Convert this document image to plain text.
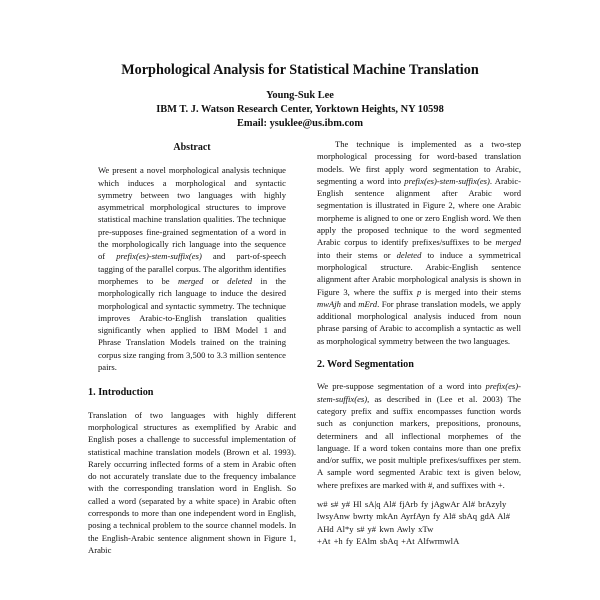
Morphological Analysis for Statistical Machine Translation
Young-Suk Lee
IBM T. J. Watson Research Center, Yorktown Heights, NY 10598
Email: ysuklee@us.ibm.com
Abstract

We present a novel morphological analysis technique which induces a morphological and syntactic symmetry between two languages with highly asymmetrical morphological structures to improve statistical machine translation qualities. The technique pre-supposes fine-grained segmentation of a word in the morphologically rich language into the sequence of prefix(es)-stem-suffix(es) and part-of-speech tagging of the parallel corpus. The algorithm identifies morphemes to be merged or deleted in the morphologically rich language to induce the desired morphological and syntactic symmetry. The technique improves Arabic-to-English translation qualities significantly when applied to IBM Model 1 and Phrase Translation Models trained on the training corpus size ranging from 3,500 to 3.3 million sentence pairs.

1. Introduction

Translation of two languages with highly different morphological structures as exemplified by Arabic and English poses a challenge to successful implementation of statistical machine translation models (Brown et al. 1993). Rarely occurring inflected forms of a stem in Arabic often do not accurately translate due to the frequency imbalance with the corresponding translation word in English. So called a word (separated by a white space) in Arabic often corresponds to more than one independent word in English, posing a technical problem to the source channel models. In the English-Arabic sentence alignment shown in Figure 1, Arabic

The technique is implemented as a two-step morphological processing for word-based translation models. We first apply word segmentation to Arabic, segmenting a word into prefix(es)-stem-suffix(es). Arabic-English sentence alignment after Arabic word segmentation is illustrated in Figure 2, where one Arabic morpheme is aligned to one or zero English word. We then apply the proposed technique to the word segmented Arabic corpus to identify prefixes/suffixes to be merged into their stems or deleted to induce a symmetrical morphological structure. Arabic-English sentence alignment after Arabic morphological analysis is shown in Figure 3, where the suffix p is merged into their stems mwAjh and mErd. For phrase translation models, we apply additional morphological analysis induced from noun phrase parsing of Arabic to accomplish a syntactic as well as morphological symmetry between the two languages.

2. Word Segmentation

We pre-suppose segmentation of a word into prefix(es)-stem-suffix(es), as described in (Lee et al. 2003) The category prefix and suffix encompasses function words such as conjunction markers, prepositions, pronouns, determiners and all inflectional morphemes of the language. If a word token contains more than one prefix and/or suffix, we posit multiple prefixes/suffixes per stem. A sample word segmented Arabic text is given below, where prefixes are marked with #, and suffixes with +.

w# s# y# Hl sA|q Al# fjArb fy jAgwAr Al# brAzyly lwsyAnw bwrty mkAn AyrfAyn fy Al# sbAq gdA Al# AHd Al*y s# y# kwn Awly xTw
+At +h fy EAlm sbAq +At AlfwrmwlA
